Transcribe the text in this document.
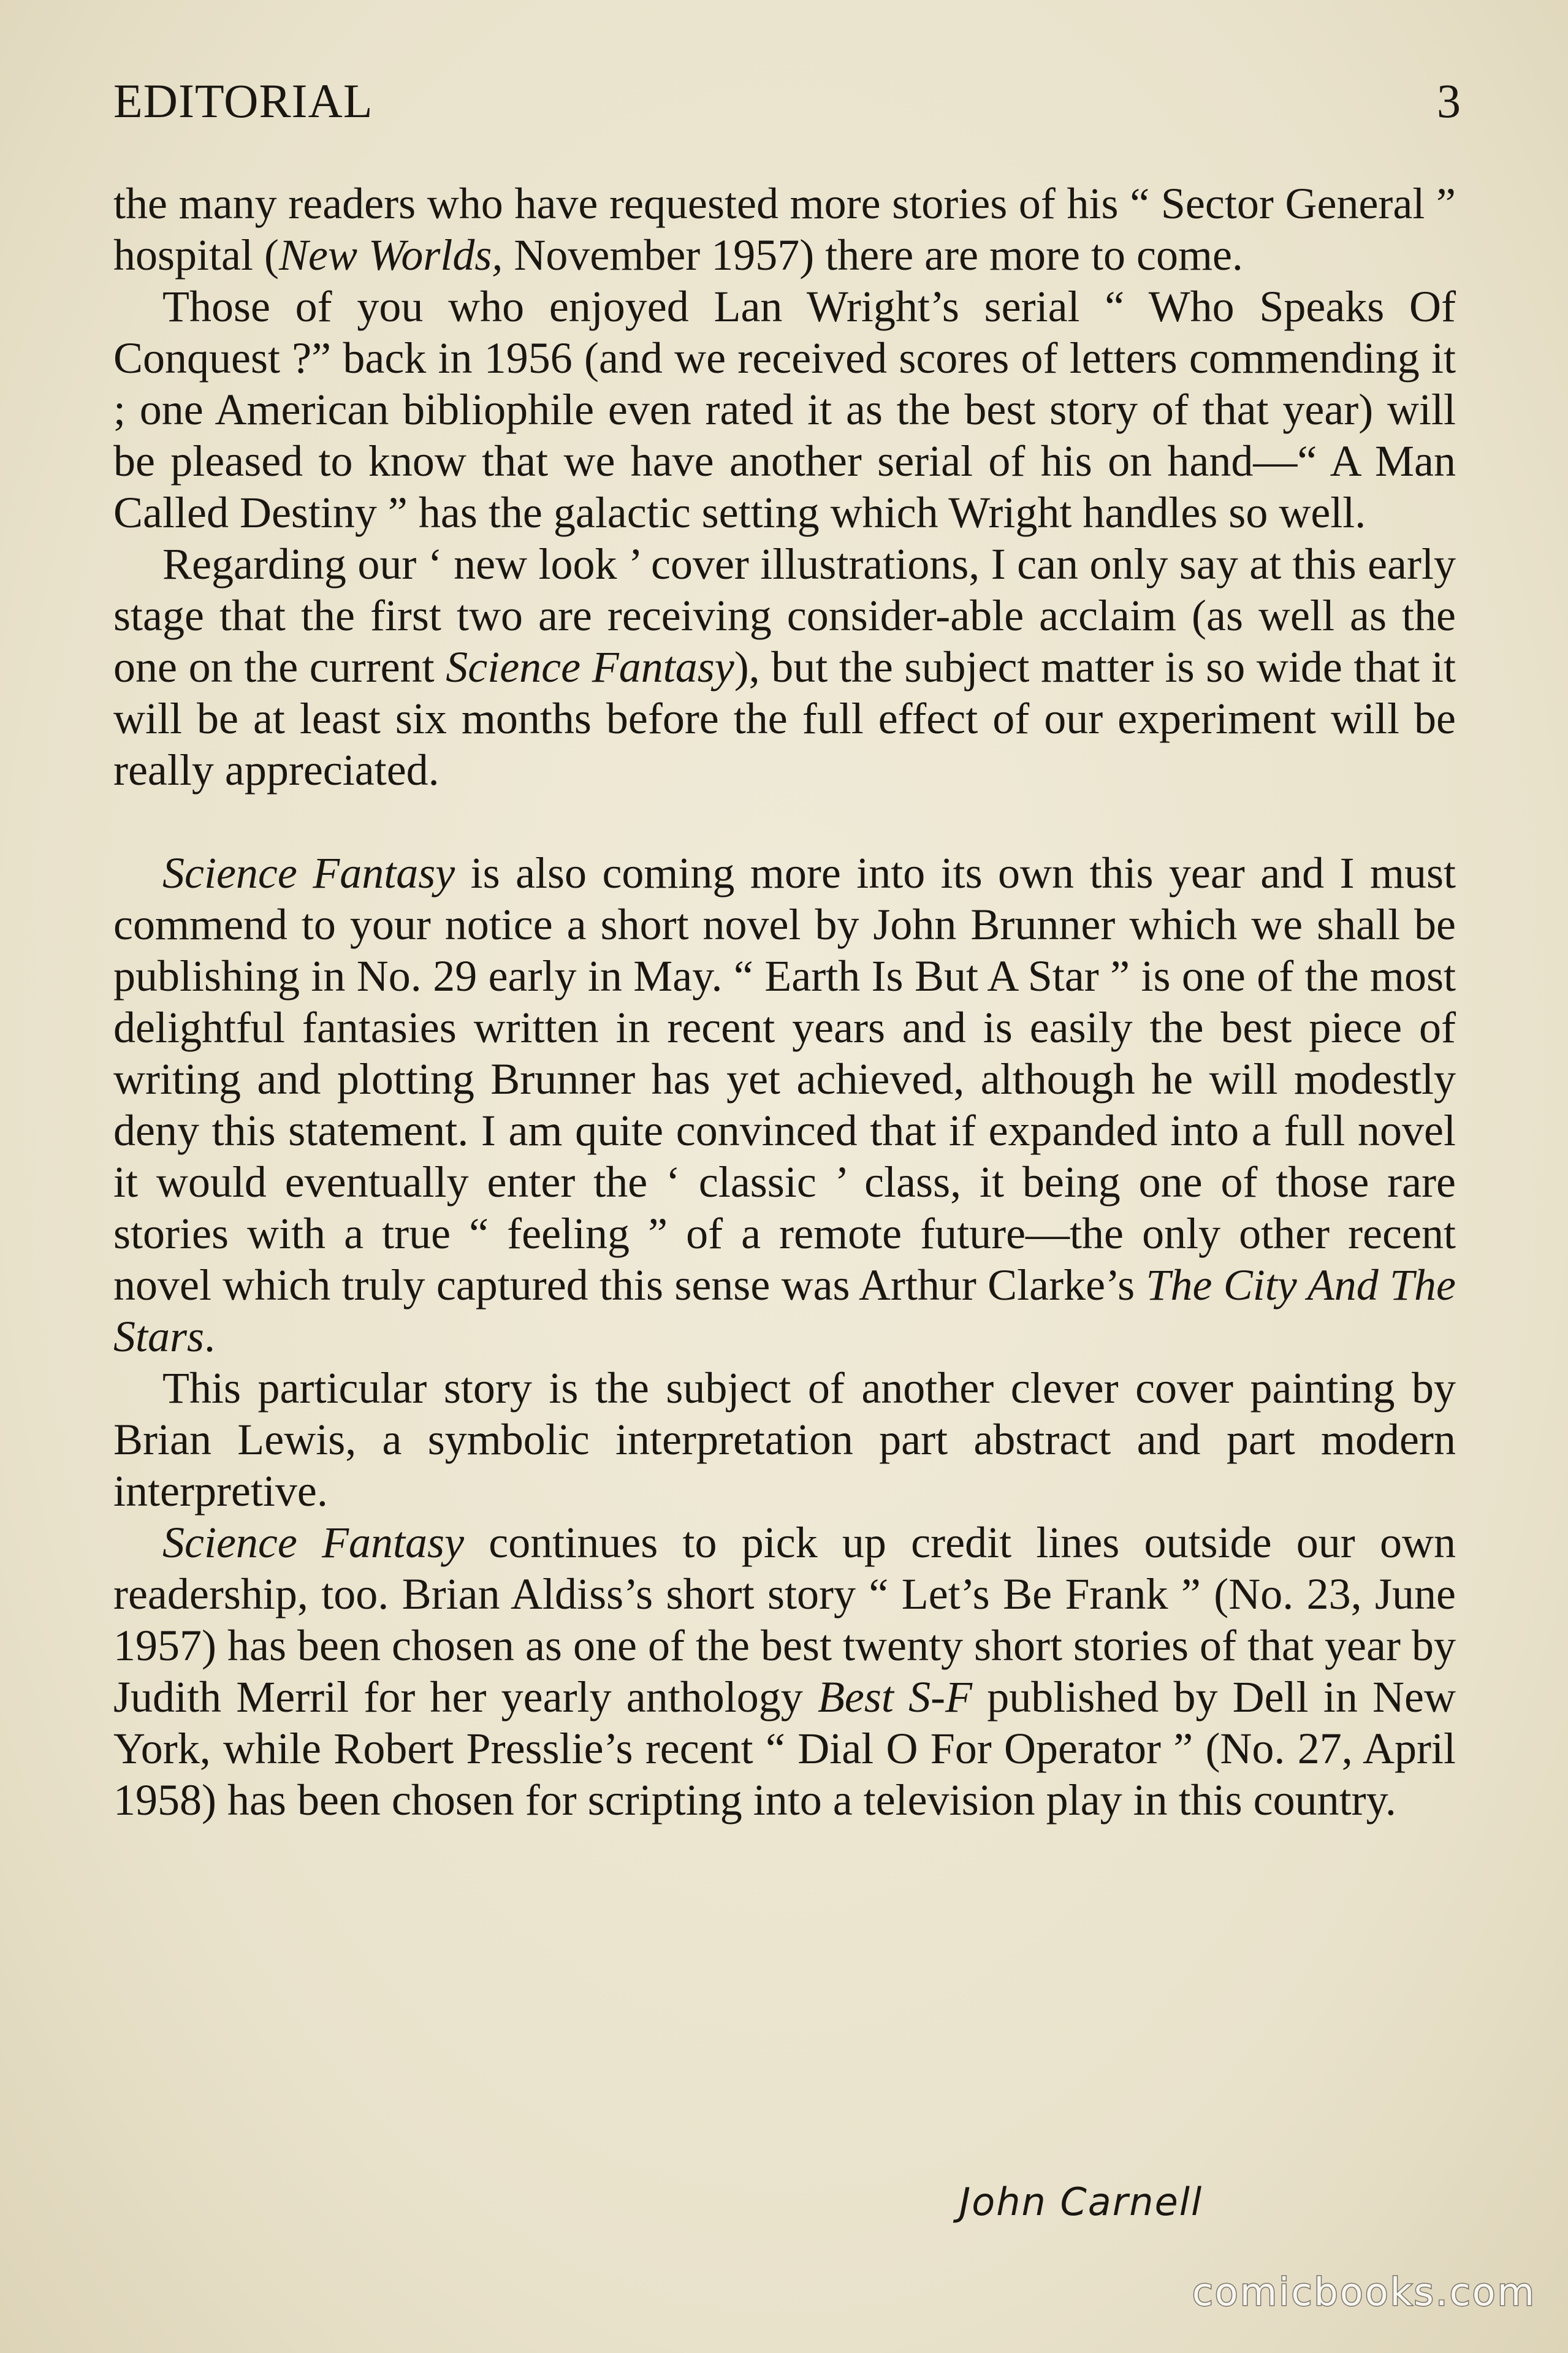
EDITORIAL	3

the many readers who have requested more stories of his “ Sector General ” hospital (New Worlds, November 1957) there are more to come.

Those of you who enjoyed Lan Wright’s serial “ Who Speaks Of Conquest ?” back in 1956 (and we received scores of letters commending it ; one American bibliophile even rated it as the best story of that year) will be pleased to know that we have another serial of his on hand—“ A Man Called Destiny ” has the galactic setting which Wright handles so well.

Regarding our ‘ new look ’ cover illustrations, I can only say at this early stage that the first two are receiving consider-able acclaim (as well as the one on the current Science Fantasy), but the subject matter is so wide that it will be at least six months before the full effect of our experiment will be really appreciated.

Science Fantasy is also coming more into its own this year and I must commend to your notice a short novel by John Brunner which we shall be publishing in No. 29 early in May. “ Earth Is But A Star ” is one of the most delightful fantasies written in recent years and is easily the best piece of writing and plotting Brunner has yet achieved, although he will modestly deny this statement. I am quite convinced that if expanded into a full novel it would eventually enter the ‘ classic ’ class, it being one of those rare stories with a true “ feeling ” of a remote future—the only other recent novel which truly captured this sense was Arthur Clarke’s The City And The Stars.

This particular story is the subject of another clever cover painting by Brian Lewis, a symbolic interpretation part abstract and part modern interpretive.

Science Fantasy continues to pick up credit lines outside our own readership, too. Brian Aldiss’s short story “ Let’s Be Frank ” (No. 23, June 1957) has been chosen as one of the best twenty short stories of that year by Judith Merril for her yearly anthology Best S-F published by Dell in New York, while Robert Presslie’s recent “ Dial O For Operator ” (No. 27, April 1958) has been chosen for scripting into a television play in this country.

John Carnell
comicbooks.com
